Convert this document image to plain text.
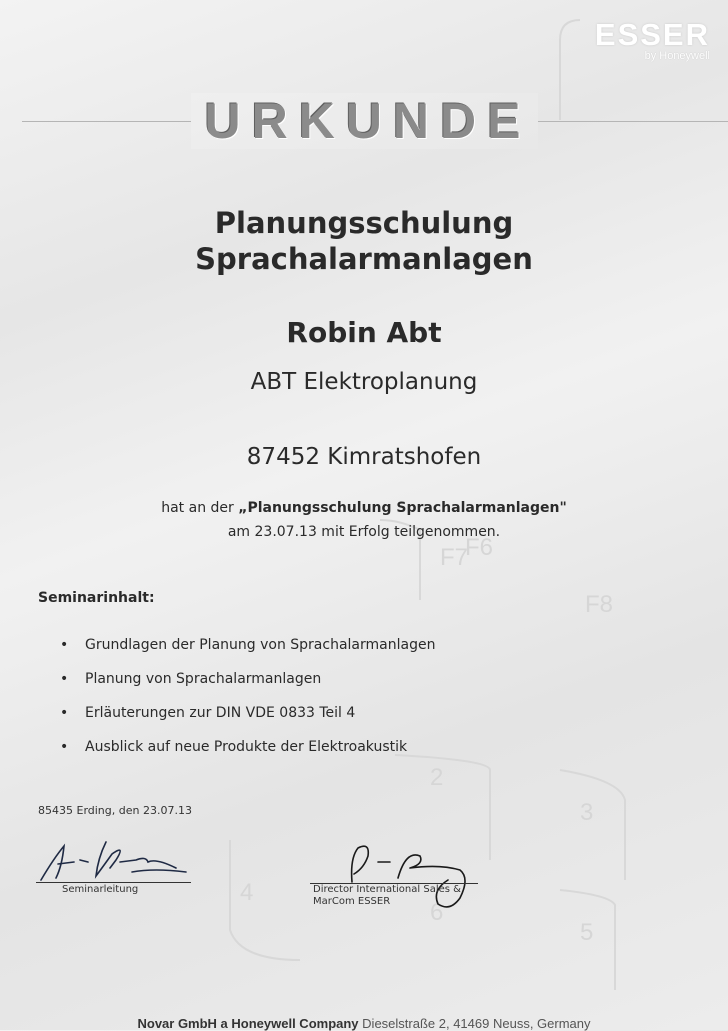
F6
F7
F8
2
3
4
5
6
ESSER
by Honeywell
URKUNDE
Planungsschulung
Sprachalarmanlagen
Robin Abt
ABT Elektroplanung
87452 Kimratshofen
hat an der „Planungsschulung Sprachalarmanlagen"
am 23.07.13 mit Erfolg teilgenommen.
Seminarinhalt:
• Grundlagen der Planung von Sprachalarmanlagen
• Planung von Sprachalarmanlagen
• Erläuterungen zur DIN VDE 0833 Teil 4
• Ausblick auf neue Produkte der Elektroakustik
85435 Erding, den 23.07.13
Seminarleitung	Director International Sales & MarCom ESSER
Novar GmbH a Honeywell Company Dieselstraße 2, 41469 Neuss, Germany
